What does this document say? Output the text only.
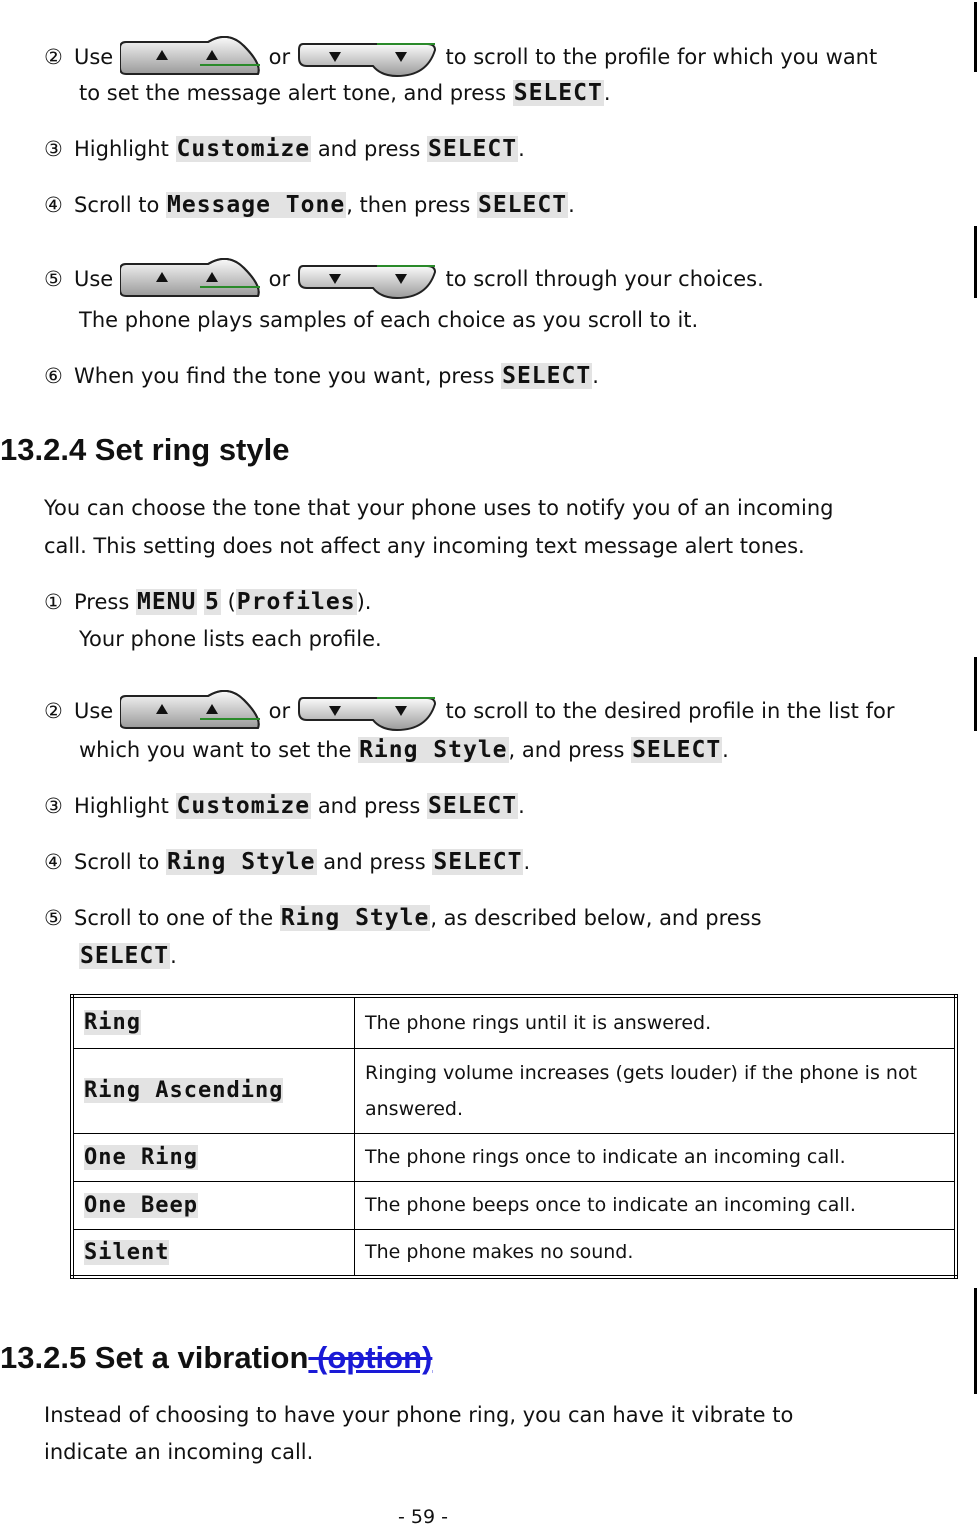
② Use	or	to scroll to the profile for which you want
to set the message alert tone, and press SELECT.
③ Highlight Customize and press SELECT.
④ Scroll to Message Tone, then press SELECT.
⑤ Use	or	to scroll through your choices.
The phone plays samples of each choice as you scroll to it.
⑥ When you find the tone you want, press SELECT.
13.2.4 Set ring style
You can choose the tone that your phone uses to notify you of an incoming
call. This setting does not affect any incoming text message alert tones.
① Press MENU 5 (Profiles).
Your phone lists each profile.
② Use	or	to scroll to the desired profile in the list for
which you want to set the Ring Style, and press SELECT.
③ Highlight Customize and press SELECT.
④ Scroll to Ring Style and press SELECT.
⑤ Scroll to one of the Ring Style, as described below, and press
SELECT.
Ring	The phone rings until it is answered.
Ring Ascending	Ringing volume increases (gets louder) if the phone is not answered.
One Ring	The phone rings once to indicate an incoming call.
One Beep	The phone beeps once to indicate an incoming call.
Silent	The phone makes no sound.
13.2.5 Set a vibration (option)
Instead of choosing to have your phone ring, you can have it vibrate to
indicate an incoming call.
- 59 -
